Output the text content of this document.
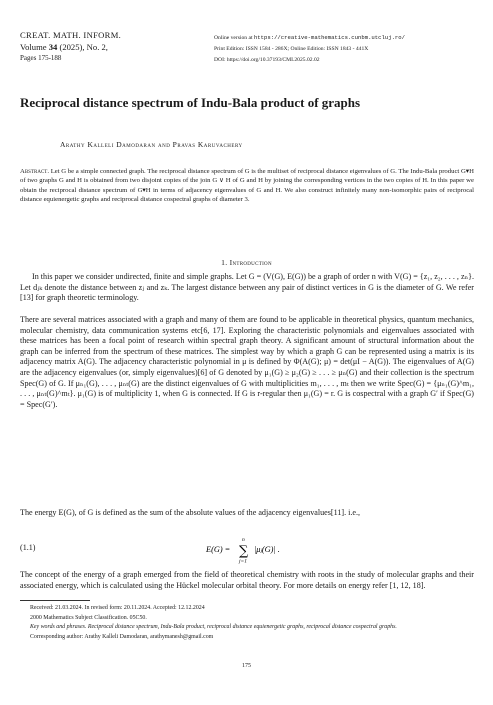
CREAT. MATH. INFORM.
Volume 34 (2025), No. 2,
Pages 175-188
Online version at https://creative-mathematics.cunbm.utcluj.ro/
Print Edition: ISSN 1584 - 286X; Online Edition: ISSN 1843 - 441X
DOI: https://doi.org/10.37193/CMI.2025.02.02
Reciprocal distance spectrum of Indu-Bala product of graphs
Arathy Kalleli Damodaran and Pravas Karuvachery
Abstract. Let G be a simple connected graph. The reciprocal distance spectrum of G is the multiset of reciprocal distance eigenvalues of G. The Indu-Bala product G▾H of two graphs G and H is obtained from two disjoint copies of the join G ∨ H of G and H by joining the corresponding vertices in the two copies of H. In this paper we obtain the reciprocal distance spectrum of G▾H in terms of adjacency eigenvalues of G and H. We also construct infinitely many non-isomorphic pairs of reciprocal distance equienergetic graphs and reciprocal distance cospectral graphs of diameter 3.
1. Introduction
In this paper we consider undirected, finite and simple graphs. Let G = (V(G), E(G)) be a graph of order n with V(G) = {z₁, z₂, . . . , zₙ}. Let dⱼₖ denote the distance between zⱼ and zₖ. The largest distance between any pair of distinct vertices in G is the diameter of G. We refer [13] for graph theoretic terminology.
There are several matrices associated with a graph and many of them are found to be applicable in theoretical physics, quantum mechanics, molecular chemistry, data communication systems etc[6, 17]. Exploring the characteristic polynomials and eigenvalues associated with these matrices has been a focal point of research within spectral graph theory. A significant amount of structural information about the graph can be inferred from the spectrum of these matrices. The simplest way by which a graph G can be represented using a matrix is its adjacency matrix A(G). The adjacency characteristic polynomial in μ is defined by Φ(A(G); μ) = det(μI − A(G)). The eigenvalues of A(G) are the adjacency eigenvalues (or, simply eigenvalues)[6] of G denoted by μ₁(G) ≥ μ₂(G) ≥ . . . ≥ μₙ(G) and their collection is the spectrum Spec(G) of G. If μₙ₁(G), . . . , μₙₜ(G) are the distinct eigenvalues of G with multiplicities m₁, . . . , mₜ then we write Spec(G) = {μₙ₁(G)^m₁, . . . , μₙₜ(G)^mₜ}. μ₁(G) is of multiplicity 1, when G is connected. If G is r-regular then μ₁(G) = r. G is cospectral with a graph G′ if Spec(G) = Spec(G′).
The energy E(G), of G is defined as the sum of the absolute values of the adjacency eigenvalues[11]. i.e.,
(1.1)	E(G) =
n
∑
j=1
|μⱼ(G)| .
The concept of the energy of a graph emerged from the field of theoretical chemistry with roots in the study of molecular graphs and their associated energy, which is calculated using the Hückel molecular orbital theory. For more details on energy refer [1, 12, 18].
Received: 21.03.2024. In revised form: 20.11.2024. Accepted: 12.12.2024
2000 Mathematics Subject Classification. 05C50.
Key words and phrases. Reciprocal distance spectrum, Indu-Bala product, reciprocal distance equienergetic graphs, reciprocal distance cospectral graphs.
Corresponding author: Arathy Kalleli Damodaran, arathymanesh@gmail.com
175
